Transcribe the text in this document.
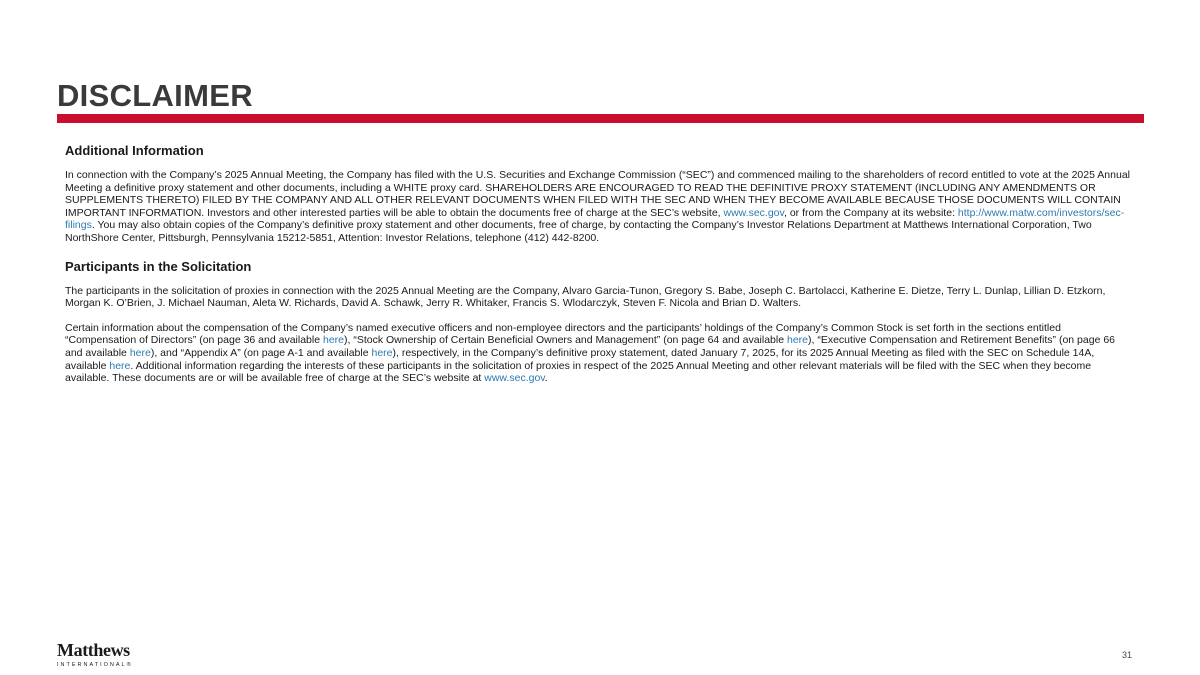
DISCLAIMER
Additional Information
In connection with the Company’s 2025 Annual Meeting, the Company has filed with the U.S. Securities and Exchange Commission (“SEC”) and commenced mailing to the shareholders of record entitled to vote at the 2025 Annual Meeting a definitive proxy statement and other documents, including a WHITE proxy card. SHAREHOLDERS ARE ENCOURAGED TO READ THE DEFINITIVE PROXY STATEMENT (INCLUDING ANY AMENDMENTS OR SUPPLEMENTS THERETO) FILED BY THE COMPANY AND ALL OTHER RELEVANT DOCUMENTS WHEN FILED WITH THE SEC AND WHEN THEY BECOME AVAILABLE BECAUSE THOSE DOCUMENTS WILL CONTAIN IMPORTANT INFORMATION. Investors and other interested parties will be able to obtain the documents free of charge at the SEC’s website, www.sec.gov, or from the Company at its website: http://www.matw.com/investors/sec-filings. You may also obtain copies of the Company’s definitive proxy statement and other documents, free of charge, by contacting the Company’s Investor Relations Department at Matthews International Corporation, Two NorthShore Center, Pittsburgh, Pennsylvania 15212-5851, Attention: Investor Relations, telephone (412) 442-8200.
Participants in the Solicitation
The participants in the solicitation of proxies in connection with the 2025 Annual Meeting are the Company, Alvaro Garcia-Tunon, Gregory S. Babe, Joseph C. Bartolacci, Katherine E. Dietze, Terry L. Dunlap, Lillian D. Etzkorn, Morgan K. O’Brien, J. Michael Nauman, Aleta W. Richards, David A. Schawk, Jerry R. Whitaker, Francis S. Wlodarczyk, Steven F. Nicola and Brian D. Walters.
Certain information about the compensation of the Company’s named executive officers and non-employee directors and the participants’ holdings of the Company’s Common Stock is set forth in the sections entitled “Compensation of Directors” (on page 36 and available here), “Stock Ownership of Certain Beneficial Owners and Management” (on page 64 and available here), “Executive Compensation and Retirement Benefits” (on page 66 and available here), and “Appendix A” (on page A-1 and available here), respectively, in the Company’s definitive proxy statement, dated January 7, 2025, for its 2025 Annual Meeting as filed with the SEC on Schedule 14A, available here. Additional information regarding the interests of these participants in the solicitation of proxies in respect of the 2025 Annual Meeting and other relevant materials will be filed with the SEC when they become available. These documents are or will be available free of charge at the SEC’s website at www.sec.gov.
Matthews
INTERNATIONAL®
31
